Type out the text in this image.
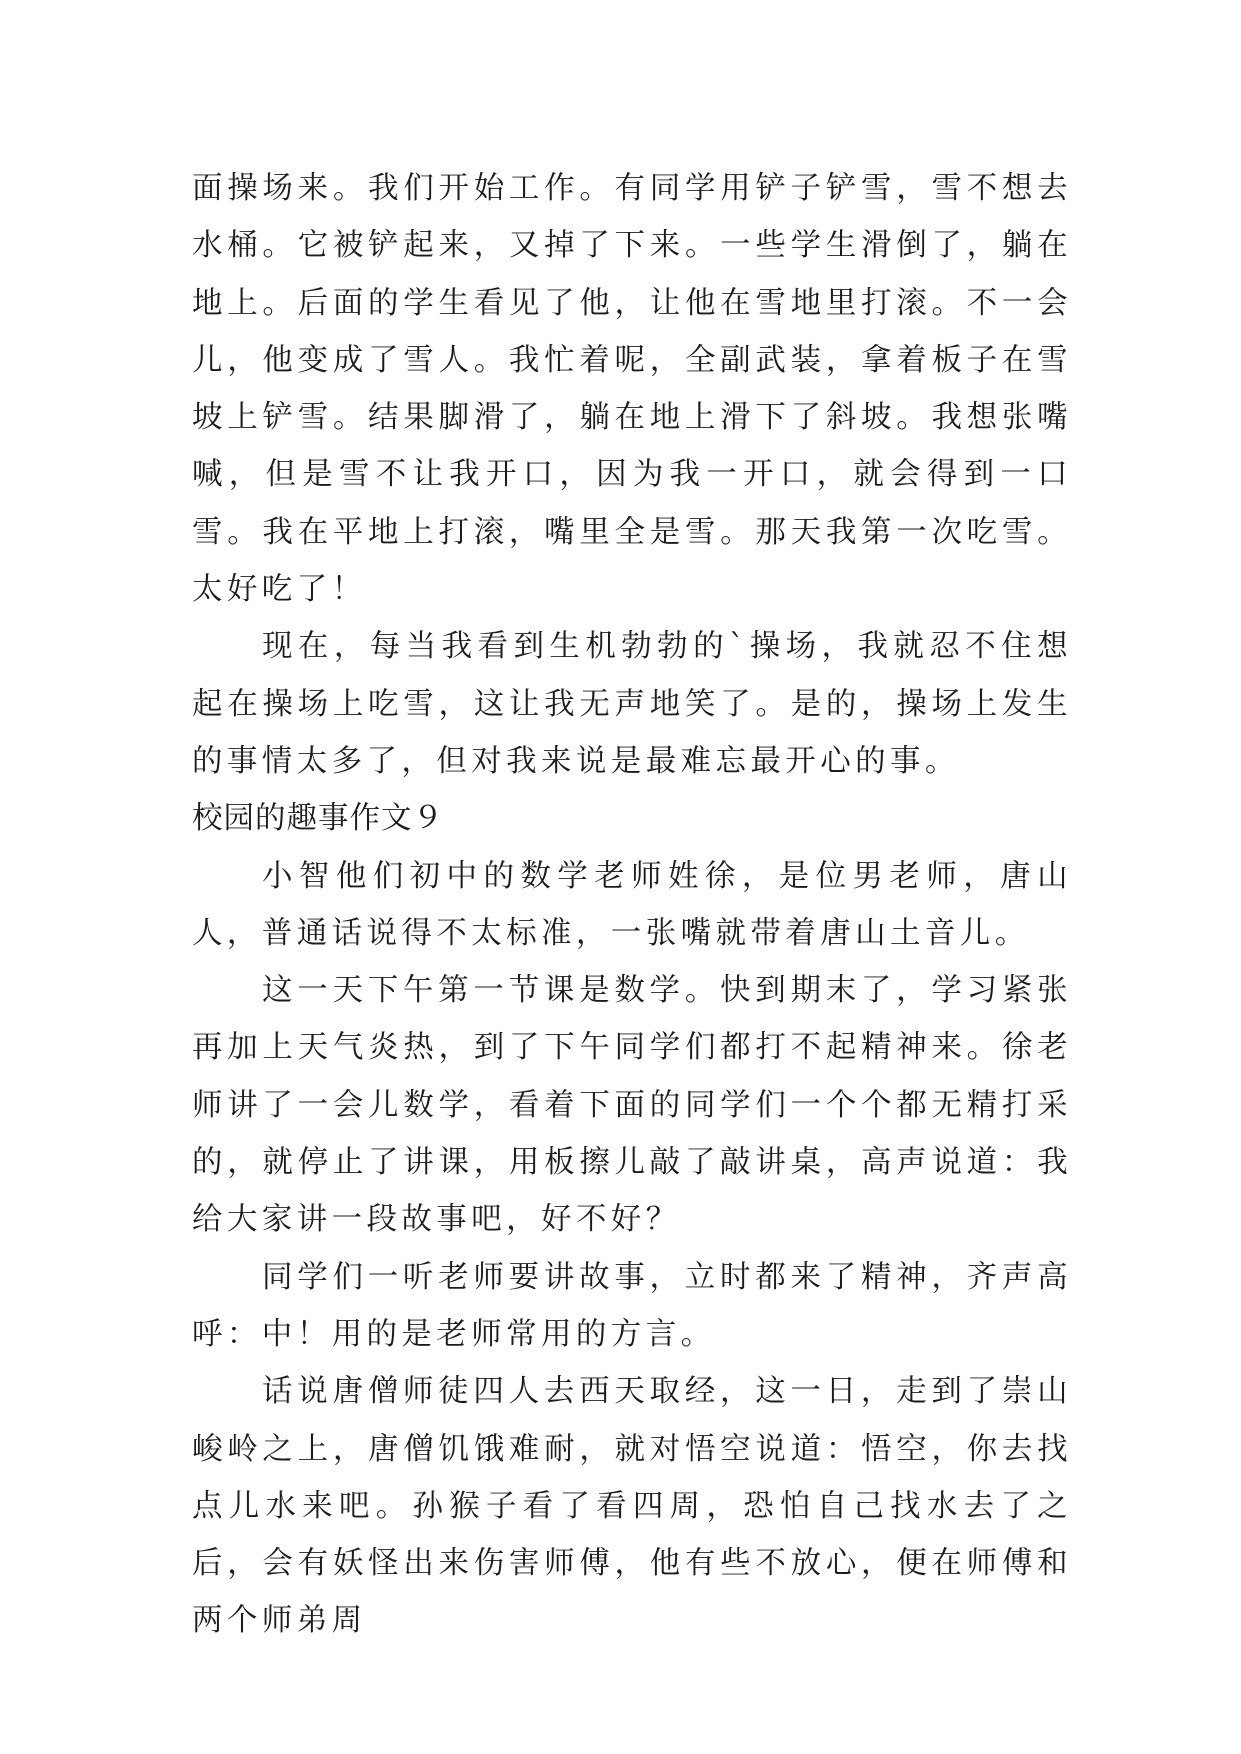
面操场来。我们开始工作。有同学用铲子铲雪，雪不想去水桶。它被铲起来，又掉了下来。一些学生滑倒了，躺在地上。后面的学生看见了他，让他在雪地里打滚。不一会儿，他变成了雪人。我忙着呢，全副武装，拿着板子在雪坡上铲雪。结果脚滑了，躺在地上滑下了斜坡。我想张嘴喊，但是雪不让我开口，因为我一开口，就会得到一口雪。我在平地上打滚，嘴里全是雪。那天我第一次吃雪。太好吃了！

现在，每当我看到生机勃勃的`操场，我就忍不住想起在操场上吃雪，这让我无声地笑了。是的，操场上发生的事情太多了，但对我来说是最难忘最开心的事。

校园的趣事作文９

小智他们初中的数学老师姓徐，是位男老师，唐山人，普通话说得不太标准，一张嘴就带着唐山土音儿。

这一天下午第一节课是数学。快到期末了，学习紧张再加上天气炎热，到了下午同学们都打不起精神来。徐老师讲了一会儿数学，看着下面的同学们一个个都无精打采的，就停止了讲课，用板擦儿敲了敲讲桌，高声说道：我给大家讲一段故事吧，好不好？

同学们一听老师要讲故事，立时都来了精神，齐声高呼：中！用的是老师常用的方言。

话说唐僧师徒四人去西天取经，这一日，走到了崇山峻岭之上，唐僧饥饿难耐，就对悟空说道：悟空，你去找点儿水来吧。孙猴子看了看四周，恐怕自己找水去了之后，会有妖怪出来伤害师傅，他有些不放心，便在师傅和两个师弟周
